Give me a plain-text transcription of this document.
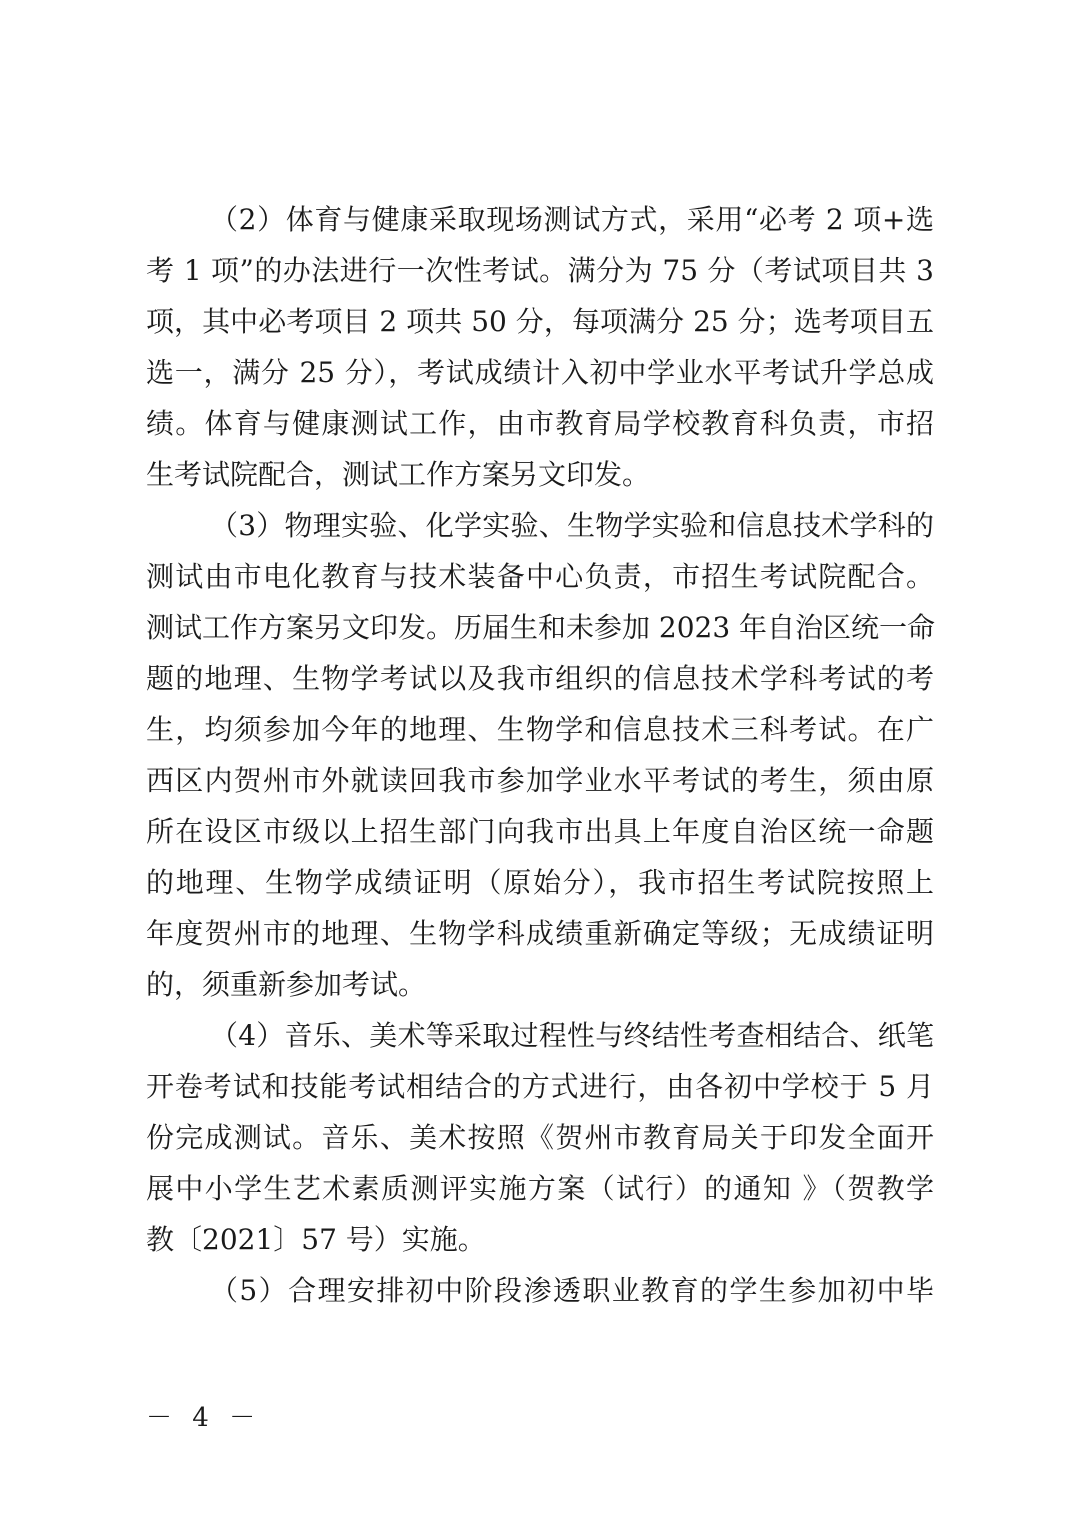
（2）体育与健康采取现场测试方式，采用“必考 2 项+选
考 1 项”的办法进行一次性考试。满分为 75 分（考试项目共 3
项，其中必考项目 2 项共 50 分，每项满分 25 分；选考项目五
选一，满分 25 分），考试成绩计入初中学业水平考试升学总成
绩。体育与健康测试工作，由市教育局学校教育科负责，市招
生考试院配合，测试工作方案另文印发。
（3）物理实验、化学实验、生物学实验和信息技术学科的
测试由市电化教育与技术装备中心负责，市招生考试院配合。
测试工作方案另文印发。历届生和未参加 2023 年自治区统一命
题的地理、生物学考试以及我市组织的信息技术学科考试的考
生，均须参加今年的地理、生物学和信息技术三科考试。在广
西区内贺州市外就读回我市参加学业水平考试的考生，须由原
所在设区市级以上招生部门向我市出具上年度自治区统一命题
的地理、生物学成绩证明（原始分），我市招生考试院按照上
年度贺州市的地理、生物学科成绩重新确定等级；无成绩证明
的，须重新参加考试。
（4）音乐、美术等采取过程性与终结性考查相结合、纸笔
开卷考试和技能考试相结合的方式进行，由各初中学校于 5 月
份完成测试。音乐、美术按照《贺州市教育局关于印发全面开
展中小学生艺术素质测评实施方案（试行）的通知 》（贺教学
教〔2021〕57 号）实施。
（5）合理安排初中阶段渗透职业教育的学生参加初中毕
－ 4 －
